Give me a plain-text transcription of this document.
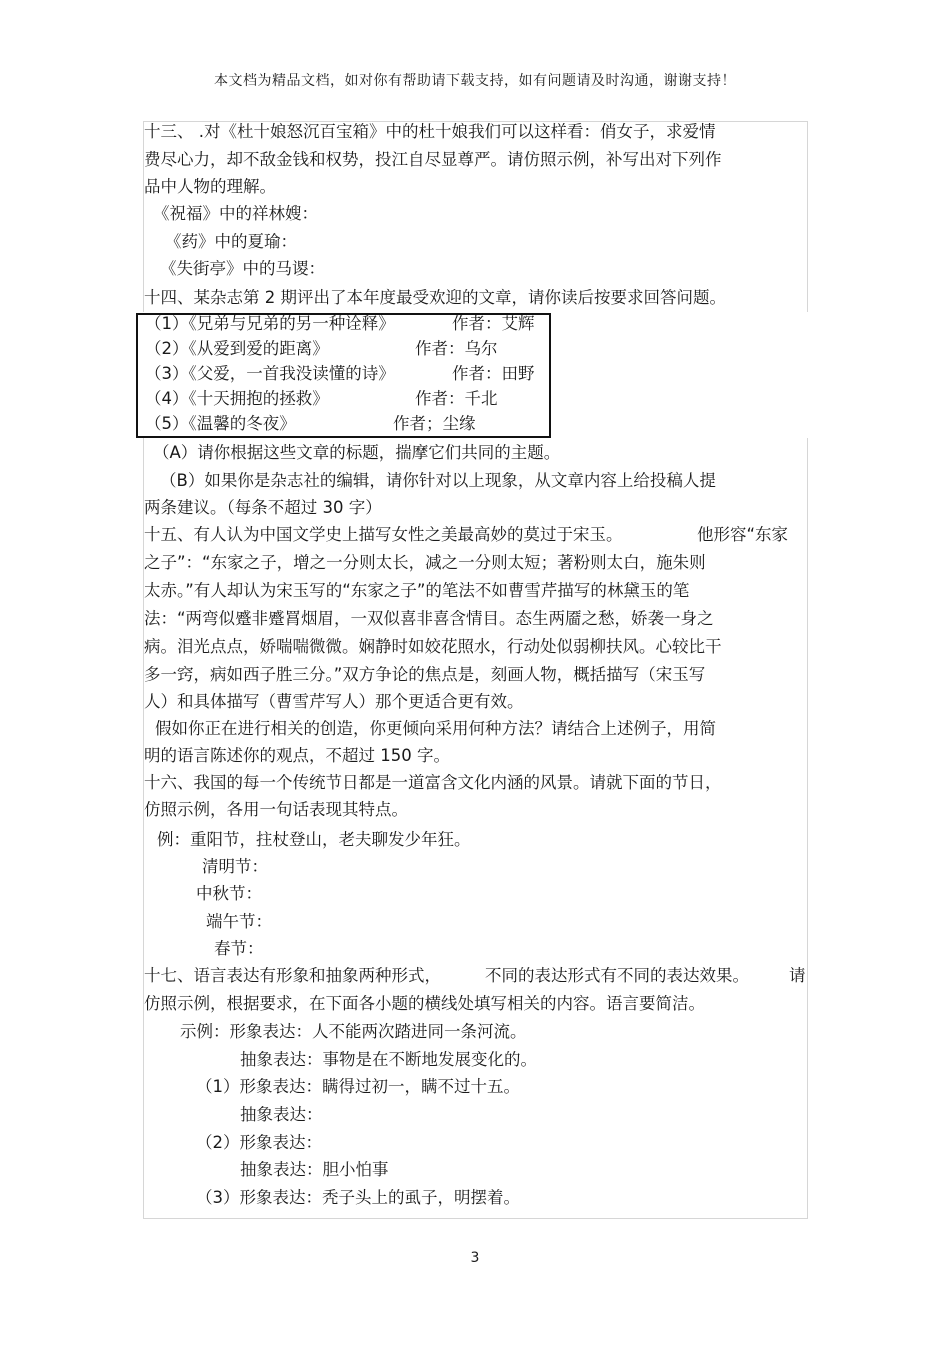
本文档为精品文档，如对你有帮助请下载支持，如有问题请及时沟通，谢谢支持！
十三、 .对《杜十娘怒沉百宝箱》中的杜十娘我们可以这样看：俏女子，求爱情
费尽心力，却不敌金钱和权势，投江自尽显尊严。请仿照示例，补写出对下列作
品中人物的理解。
《祝福》中的祥林嫂：
《药》中的夏瑜：
《失街亭》中的马谡：
十四、某杂志第 2 期评出了本年度最受欢迎的文章，请你读后按要求回答问题。
（1）《兄弟与兄弟的另一种诠释》	作者：艾辉
（2）《从爱到爱的距离》	作者：乌尔
（3）《父爱，一首我没读懂的诗》	作者：田野
（4）《十天拥抱的拯救》	作者：千北
（5）《温馨的冬夜》	作者；尘缘
（A）请你根据这些文章的标题，揣摩它们共同的主题。
（B）如果你是杂志社的编辑，请你针对以上现象，从文章内容上给投稿人提
两条建议。（每条不超过 30 字）
十五、有人认为中国文学史上描写女性之美最高妙的莫过于宋玉。	他形容“东家
之子”：“东家之子，增之一分则太长，减之一分则太短；著粉则太白，施朱则
太赤。”有人却认为宋玉写的“东家之子”的笔法不如曹雪芹描写的林黛玉的笔
法：“两弯似蹙非蹙罥烟眉，一双似喜非喜含情目。态生两靥之愁，娇袭一身之
病。泪光点点，娇喘喘微微。娴静时如姣花照水，行动处似弱柳扶风。心较比干
多一窍，病如西子胜三分。”双方争论的焦点是，刻画人物，概括描写（宋玉写
人）和具体描写（曹雪芹写人）那个更适合更有效。
假如你正在进行相关的创造，你更倾向采用何种方法？请结合上述例子，用简
明的语言陈述你的观点，不超过 150 字。
十六、我国的每一个传统节日都是一道富含文化内涵的风景。请就下面的节日，
仿照示例，各用一句话表现其特点。
例：重阳节，拄杖登山，老夫聊发少年狂。
清明节：
中秋节：
端午节：
春节：
十七、语言表达有形象和抽象两种形式，	不同的表达形式有不同的表达效果。 请
仿照示例，根据要求，在下面各小题的横线处填写相关的内容。语言要简洁。
示例：形象表达：人不能两次踏进同一条河流。
抽象表达：事物是在不断地发展变化的。
（1）形象表达：瞒得过初一，瞒不过十五。
抽象表达：
（2）形象表达：
抽象表达：胆小怕事
（3）形象表达：秃子头上的虱子，明摆着。
3
